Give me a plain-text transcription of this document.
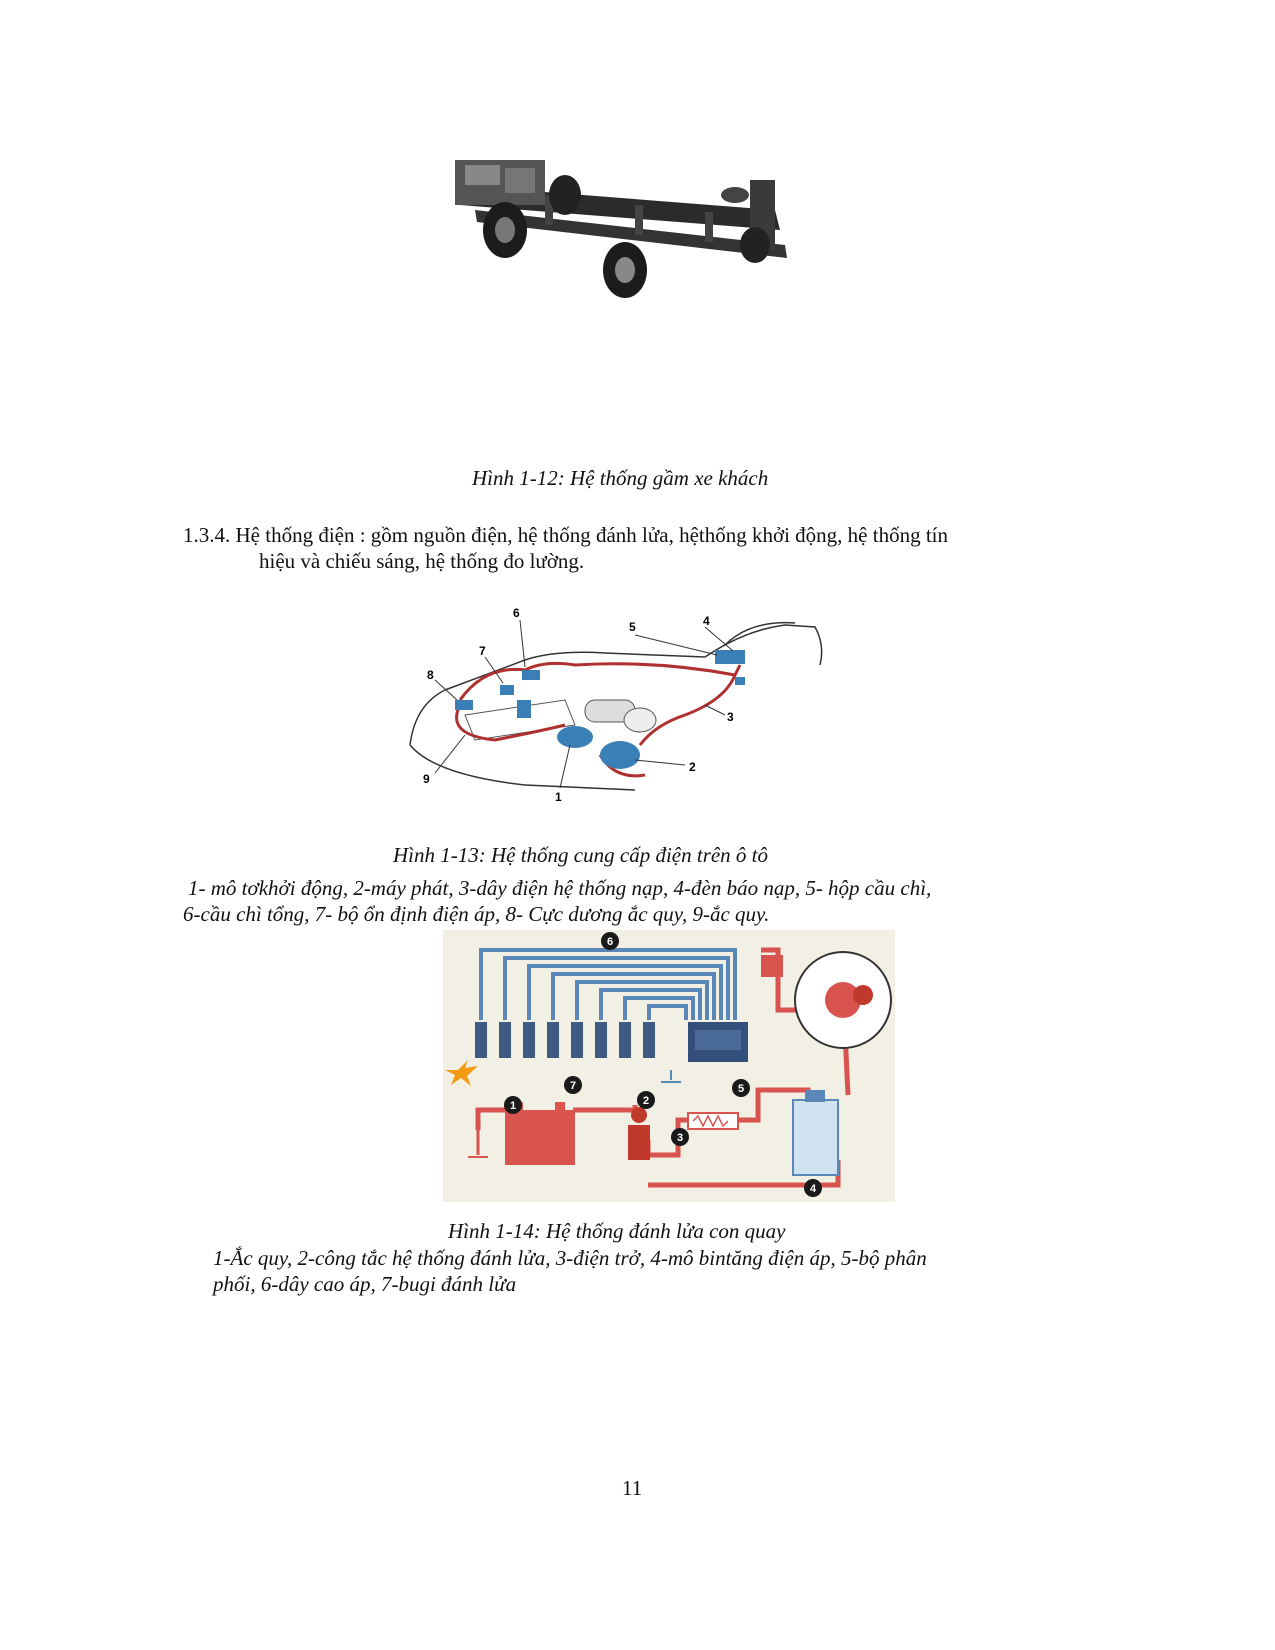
Hình 1-12: Hệ thống gầm xe khách
1.3.4. Hệ thống điện : gồm nguồn điện, hệ thống đánh lửa, hệthống khởi động, hệ thống tín
hiệu và chiếu sáng, hệ thống đo lường.
1
2
3
4
5
6
7
8
9
Hình 1-13: Hệ thống cung cấp điện trên ô tô
1- mô tơkhởi động, 2-máy phát, 3-dây điện hệ thống nạp, 4-đèn báo nạp, 5- hộp cầu chì,
6-cầu chì tổng, 7- bộ ổn định điện áp, 8- Cực dương ắc quy, 9-ắc quy.
1	2
3
4
5
6
7
Hình 1-14: Hệ thống đánh lửa con quay
1-Ắc quy, 2-công tắc hệ thống đánh lửa, 3-điện trở, 4-mô bintăng điện áp, 5-bộ phân
phối, 6-dây cao áp, 7-bugi đánh lửa
11
